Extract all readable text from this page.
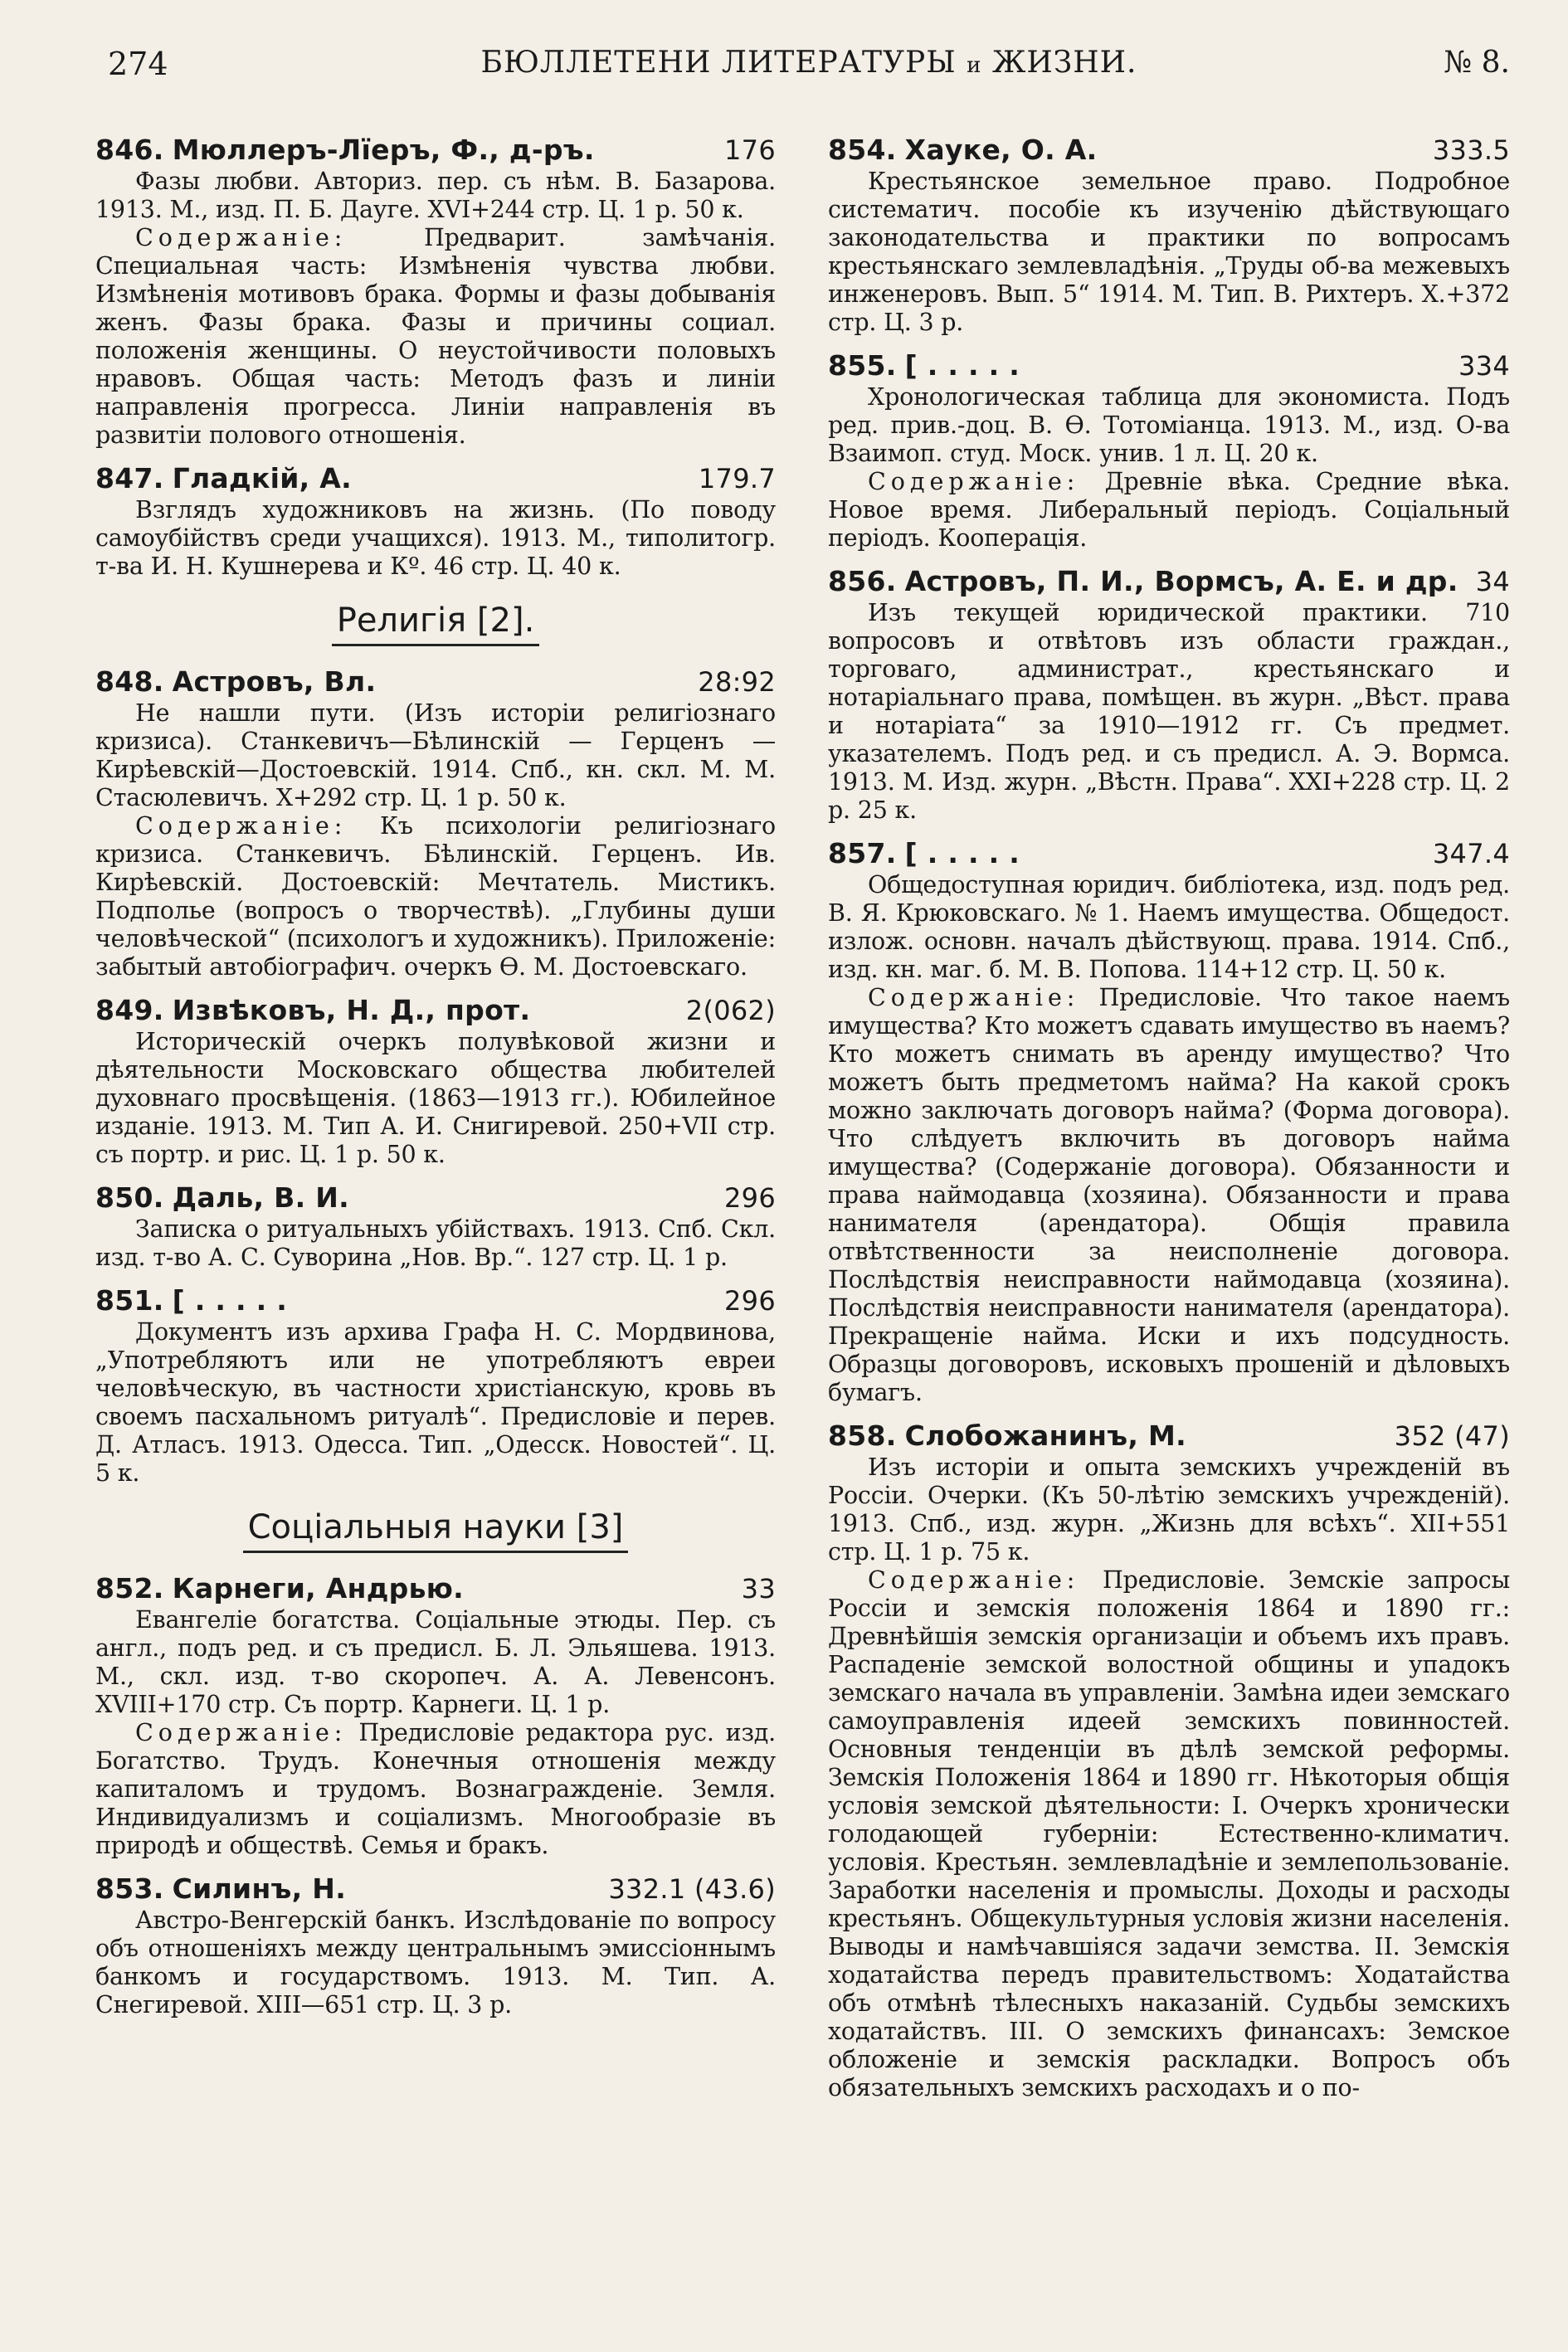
274	БЮЛЛЕТЕНИ ЛИТЕРАТУРЫ и ЖИЗНИ.	№ 8.
846. Мюллеръ-Лїеръ, Ф., д-ръ.	176

Фазы любви. Авториз. пер. съ нѣм. В. Базарова. 1913. М., изд. П. Б. Дауге. XVI+244 стр. Ц. 1 р. 50 к.

Содержанiе:	Предварит. замѣчанiя. Специальная часть: Измѣненiя чувства любви. Измѣненiя мотивовъ брака. Формы и фазы добыванiя женъ. Фазы брака. Фазы и причины социал. положенiя женщины. О неустойчивости половыхъ нравовъ. Общая часть: Методъ фазъ и линiи направленiя прогресса. Линiи направленiя въ развитiи полового отношенiя.

847. Гладкiй, А.	179.7

Взглядъ художниковъ на жизнь. (По поводу самоубiйствъ среди учащихся). 1913. М., типолитогр. т-ва И. Н. Кушнерева и Кº. 46 стр. Ц. 40 к.

Религiя [2].
848. Астровъ, Вл.	28:92

Не нашли пути. (Изъ исторiи религiознаго кризиса). Станкевичъ—Бѣлинскiй — Герценъ — Кирѣевскiй—Достоевскiй. 1914. Спб., кн. скл. М. М. Стасюлевичъ. X+292 стр. Ц. 1 р. 50 к.

Содержанiе: Къ психологiи религiознаго кризиса. Станкевичъ. Бѣлинскiй. Герценъ. Ив. Кирѣевскiй. Достоевскiй: Мечтатель. Мистикъ. Подполье (вопросъ о творчествѣ). „Глубины души человѣческой“ (психологъ и художникъ). Приложенiе: забытый автобiографич. очеркъ Ѳ. М. Достоевскаго.

849. Извѣковъ, Н. Д., прот.	2(062)

Историческiй очеркъ полувѣковой жизни и дѣятельности Московскаго общества любителей духовнаго просвѣщенiя. (1863—1913 гг.). Юбилейное изданiе. 1913. М. Тип А. И. Снигиревой. 250+VII стр. съ портр. и рис. Ц. 1 р. 50 к.

850. Даль, В. И.	296

Записка о ритуальныхъ убiйствахъ. 1913. Спб. Скл. изд. т-во А. С. Суворина „Нов. Вр.“. 127 стр. Ц. 1 р.

851. [ . . . . .	296

Документъ изъ архива Графа Н. С. Мордвинова, „Употребляютъ или не употребляютъ евреи человѣческую, въ частности христiанскую, кровь въ своемъ пасхальномъ ритуалѣ“. Предисловiе и перев. Д. Атласъ. 1913. Одесса. Тип. „Одесск. Новостей“. Ц. 5 к.

Соцiальныя науки [3]
852. Карнеги, Андрью.	33

Евангелiе богатства. Соцiальные этюды. Пер. съ англ., подъ ред. и съ предисл. Б. Л. Эльяшева. 1913. М., скл. изд. т-во скоропеч. А. А. Левенсонъ. XVIII+170 стр. Съ портр. Карнеги. Ц. 1 р.

Содержанiе: Предисловiе редактора рус. изд. Богатство. Трудъ. Конечныя отношенiя между капиталомъ и трудомъ. Вознагражденiе. Земля. Индивидуализмъ и соцiализмъ. Многообразiе въ природѣ и обществѣ. Семья и бракъ.

853. Силинъ, Н.	332.1 (43.6)

Австро-Венгерскiй банкъ. Изслѣдованiе по вопросу объ отношенiяхъ между центральнымъ эмиссiоннымъ банкомъ и государствомъ. 1913. М. Тип. А. Снегиревой. XIII—651 стр. Ц. 3 р.

854. Хауке, О. А.	333.5

Крестьянское земельное право. Подробное систематич. пособiе къ изученiю дѣйствующаго законодательства и практики по вопросамъ крестьянскаго землевладѣнiя. „Труды об-ва межевыхъ инженеровъ. Вып. 5“ 1914. М. Тип. В. Рихтеръ. X.+372 стр. Ц. 3 р.

855. [ . . . . .	334

Хронологическая таблица для экономиста. Подъ ред. прив.-доц. В. Ѳ. Тотомiанца. 1913. М., изд. О-ва Взаимоп. студ. Моск. унив. 1 л. Ц. 20 к.

Содержанiе: Древнiе вѣка. Средние вѣка. Новое время. Либеральный перiодъ. Соцiальный перiодъ. Кооперацiя.

856. Астровъ, П. И., Вормсъ, А. Е. и др. 34

Изъ текущей юридической практики. 710 вопросовъ и отвѣтовъ изъ области граждан., торговаго, администрат., крестьянскаго и нотарiальнаго права, помѣщен. въ журн. „Вѣст. права и нотарiата“ за 1910—1912 гг. Съ предмет. указателемъ. Подъ ред. и съ предисл. А. Э. Вормса. 1913. М. Изд. журн. „Вѣстн. Права“. XXI+228 стр. Ц. 2 р. 25 к.

857. [ . . . . .	347.4

Общедоступная юридич. библiотека, изд. подъ ред. В. Я. Крюковскаго. № 1. Наемъ имущества. Общедост. излож. основн. началъ дѣйствующ. права. 1914. Спб., изд. кн. маг. б. М. В. Попова. 114+12 стр. Ц. 50 к.

Содержанiе: Предисловiе. Что такое наемъ имущества? Кто можетъ сдавать имущество въ наемъ? Кто можетъ снимать въ аренду имущество? Что можетъ быть предметомъ найма? На какой срокъ можно заключать договоръ найма? (Форма договора). Что слѣдуетъ включить въ договоръ найма имущества? (Содержанiе договора). Обязанности и права наймодавца (хозяина). Обязанности и права нанимателя (арендатора). Общiя правила отвѣтственности за неисполненiе договора. Послѣдствiя неисправности наймодавца (хозяина). Послѣдствiя неисправности нанимателя (арендатора). Прекращенiе найма. Иски и ихъ подсудность. Образцы договоровъ, исковыхъ прошенiй и дѣловыхъ бумагъ.

858. Слобожанинъ, М.	352 (47)

Изъ исторiи и опыта земскихъ учрежденiй въ Россiи. Очерки. (Къ 50-лѣтiю земскихъ учрежденiй). 1913. Спб., изд. журн. „Жизнь для всѣхъ“. XII+551 стр. Ц. 1 р. 75 к.

Содержанiе: Предисловiе. Земскiе запросы Россiи и земскiя положенiя 1864 и 1890 гг.: Древнѣйшiя земскiя организацiи и объемъ ихъ правъ. Распаденiе земской волостной общины и упадокъ земскаго начала въ управленiи. Замѣна идеи земскаго самоуправленiя идеей земскихъ повинностей. Основныя тенденцiи въ дѣлѣ земской реформы. Земскiя Положенiя 1864 и 1890 гг. Нѣкоторыя общiя условiя земской дѣятельности: I. Очеркъ хронически голодающей губернiи: Естественно-климатич. условiя. Крестьян. землевладѣнiе и землепользованiе. Заработки населенiя и промыслы. Доходы и расходы крестьянъ. Общекультурныя условiя жизни населенiя. Выводы и намѣчавшiяся задачи земства. II. Земскiя ходатайства передъ правительствомъ: Ходатайства объ отмѣнѣ тѣлесныхъ наказанiй. Судьбы земскихъ ходатайствъ. III. О земскихъ финансахъ: Земское обложенiе и земскiя раскладки. Вопросъ объ обязательныхъ земскихъ расходахъ и о по-
